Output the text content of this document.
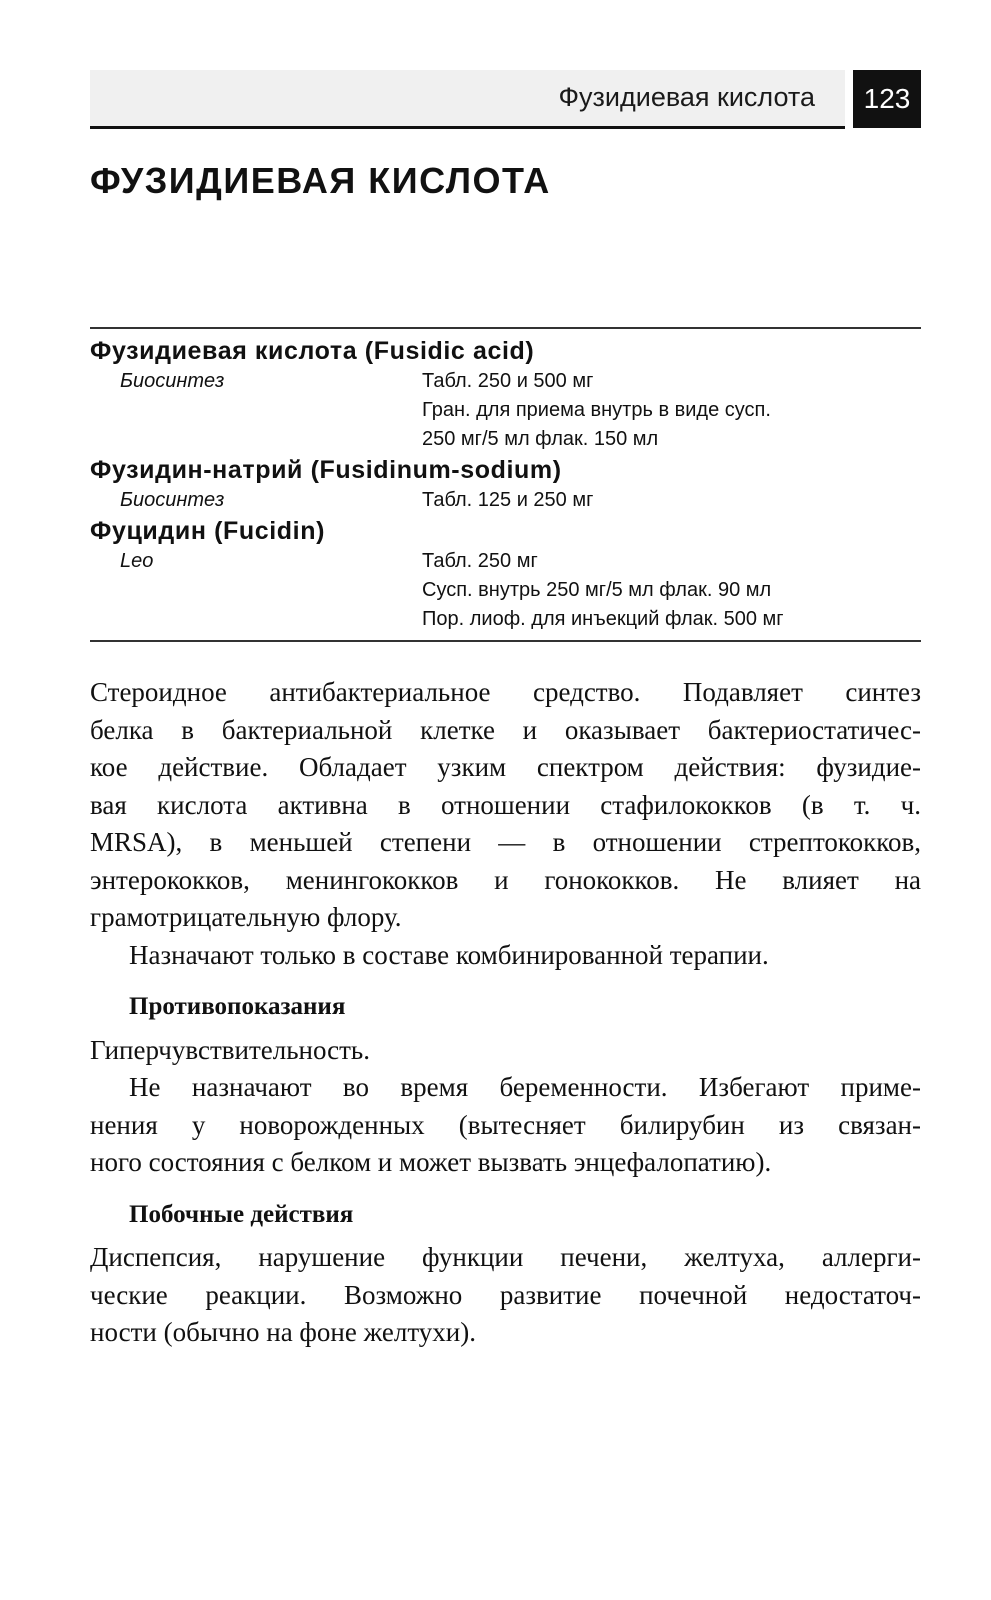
Фузидиевая кислота	123
ФУЗИДИЕВАЯ КИСЛОТА
Фузидиевая кислота (Fusidic acid)
Биосинтез	Табл. 250 и 500 мг
Гран. для приема внутрь в виде сусп.
250 мг/5 мл флак. 150 мл
Фузидин-натрий (Fusidinum-sodium)
Биосинтез	Табл. 125 и 250 мг
Фуцидин (Fucidin)
Leo	Табл. 250 мг
Сусп. внутрь 250 мг/5 мл флак. 90 мл
Пор. лиоф. для инъекций флак. 500 мг
Стероидное антибактериальное средство. Подавляет синтез
белка в бактериальной клетке и оказывает бактериостатичес-
кое действие. Обладает узким спектром действия: фузидие-
вая кислота активна в отношении стафилококков (в т. ч.
MRSA), в меньшей степени — в отношении стрептококков,
энтерококков, менингококков и гонококков. Не влияет на
грамотрицательную флору.
Назначают только в составе комбинированной терапии.
Противопоказания
Гиперчувствительность.
Не назначают во время беременности. Избегают приме-
нения у новорожденных (вытесняет билирубин из связан-
ного состояния с белком и может вызвать энцефалопатию).
Побочные действия
Диспепсия, нарушение функции печени, желтуха, аллерги-
ческие реакции. Возможно развитие почечной недостаточ-
ности (обычно на фоне желтухи).
